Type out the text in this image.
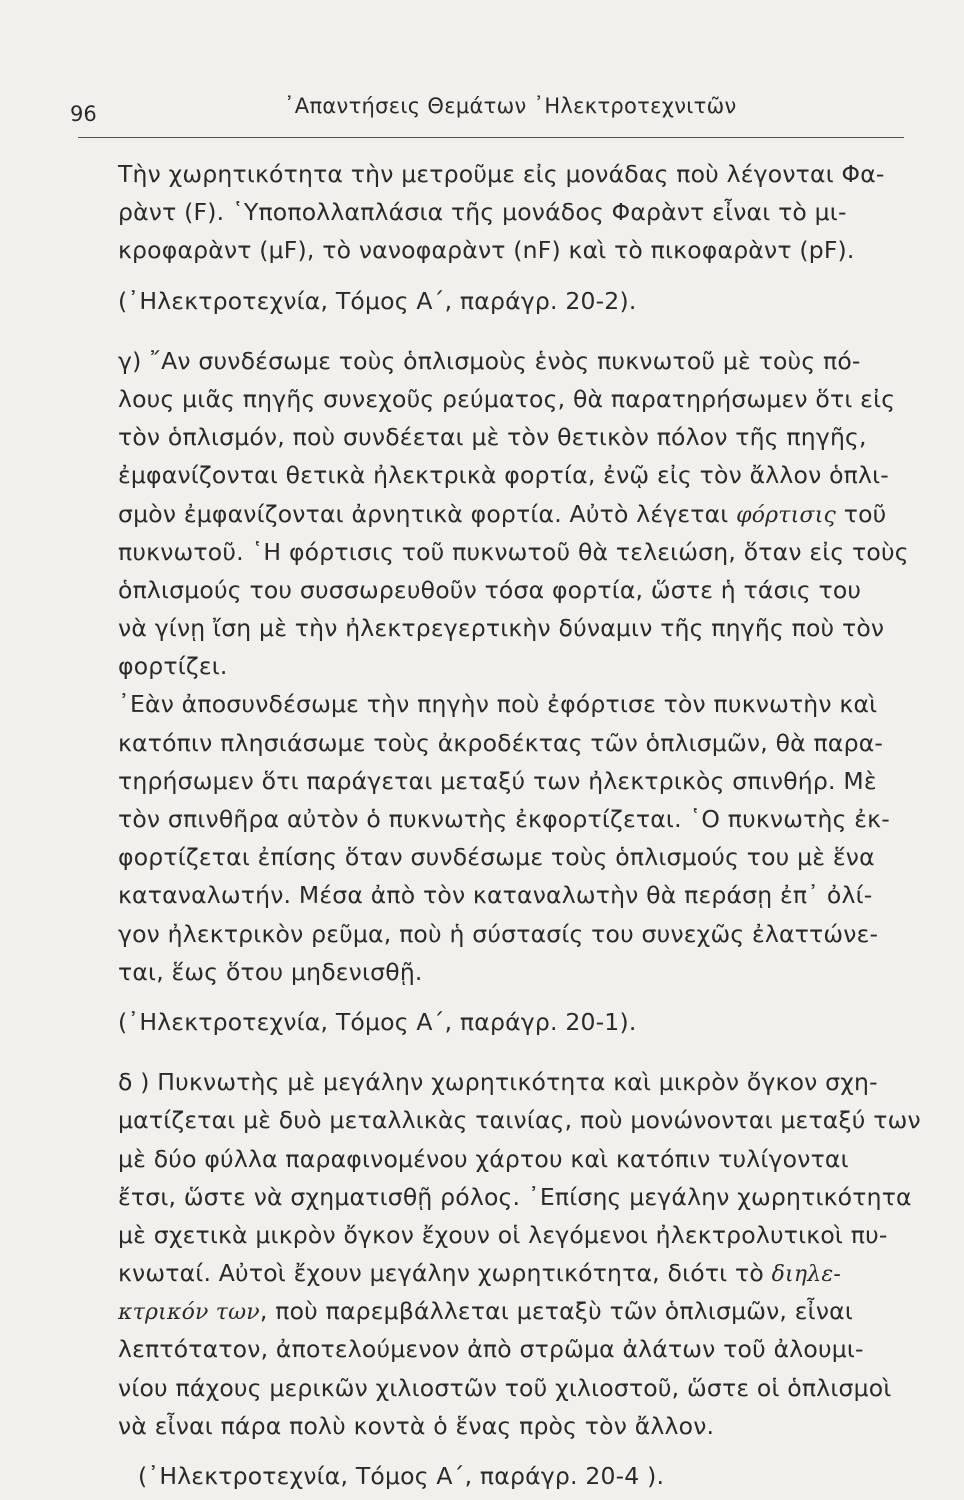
96	᾿Απαντήσεις Θεμάτων ᾿Ηλεκτροτεχνιτῶν
Τὴν χωρητικότητα τὴν μετροῦμε εἰς μονάδας ποὺ λέγονται Φα-
ρὰντ (F). ῾Υποπολλαπλάσια τῆς μονάδος Φαρὰντ εἶναι τὸ μι-
κροφαρὰντ (μF), τὸ νανοφαρὰντ (nF) καὶ τὸ πικοφαρὰντ (pF).
(᾿Ηλεκτροτεχνία, Τόμος Α΄, παράγρ. 20-2).
γ) ῎Αν συνδέσωμε τοὺς ὁπλισμοὺς ἑνὸς πυκνωτοῦ μὲ τοὺς πό-
λους μιᾶς πηγῆς συνεχοῦς ρεύματος, θὰ παρατηρήσωμεν ὅτι εἰς
τὸν ὁπλισμόν, ποὺ συνδέεται μὲ τὸν θετικὸν πόλον τῆς πηγῆς,
ἐμφανίζονται θετικὰ ἠλεκτρικὰ φορτία, ἐνῷ εἰς τὸν ἄλλον ὁπλι-
σμὸν ἐμφανίζονται ἀρνητικὰ φορτία. Αὐτὸ λέγεται φόρτισις τοῦ
πυκνωτοῦ. ῾Η φόρτισις τοῦ πυκνωτοῦ θὰ τελειώση, ὅταν εἰς τοὺς
ὁπλισμούς του συσσωρευθοῦν τόσα φορτία, ὥστε ἡ τάσις του
νὰ γίνῃ ἴση μὲ τὴν ἠλεκτρεγερτικὴν δύναμιν τῆς πηγῆς ποὺ τὸν
φορτίζει.
᾿Εὰν ἀποσυνδέσωμε τὴν πηγὴν ποὺ ἐφόρτισε τὸν πυκνωτὴν καὶ
κατόπιν πλησιάσωμε τοὺς ἀκροδέκτας τῶν ὁπλισμῶν, θὰ παρα-
τηρήσωμεν ὅτι παράγεται μεταξύ των ἠλεκτρικὸς σπινθήρ. Μὲ
τὸν σπινθῆρα αὐτὸν ὁ πυκνωτὴς ἐκφορτίζεται. ῾Ο πυκνωτὴς ἐκ-
φορτίζεται ἐπίσης ὅταν συνδέσωμε τοὺς ὁπλισμούς του μὲ ἕνα
καταναλωτήν. Μέσα ἀπὸ τὸν καταναλωτὴν θὰ περάσῃ ἐπ᾿ ὀλί-
γον ἠλεκτρικὸν ρεῦμα, ποὺ ἡ σύστασίς του συνεχῶς ἐλαττώνε-
ται, ἕως ὅτου μηδενισθῇ.
(᾿Ηλεκτροτεχνία, Τόμος Α΄, παράγρ. 20-1).
δ ) Πυκνωτὴς μὲ μεγάλην χωρητικότητα καὶ μικρὸν ὄγκον σχη-
ματίζεται μὲ δυὸ μεταλλικὰς ταινίας, ποὺ μονώνονται μεταξύ των
μὲ δύο φύλλα παραφινομένου χάρτου καὶ κατόπιν τυλίγονται
ἔτσι, ὥστε νὰ σχηματισθῇ ρόλος. ᾿Επίσης μεγάλην χωρητικότητα
μὲ σχετικὰ μικρὸν ὄγκον ἔχουν οἱ λεγόμενοι ἠλεκτρολυτικοὶ πυ-
κνωταί. Αὐτοὶ ἔχουν μεγάλην χωρητικότητα, διότι τὸ διηλε-
κτρικόν των, ποὺ παρεμβάλλεται μεταξὺ τῶν ὁπλισμῶν, εἶναι
λεπτότατον, ἀποτελούμενον ἀπὸ στρῶμα ἀλάτων τοῦ ἀλουμι-
νίου πάχους μερικῶν χιλιοστῶν τοῦ χιλιοστοῦ, ὥστε οἱ ὁπλισμοὶ
νὰ εἶναι πάρα πολὺ κοντὰ ὁ ἕνας πρὸς τὸν ἄλλον.
(᾿Ηλεκτροτεχνία, Τόμος Α΄, παράγρ. 20-4 ).
